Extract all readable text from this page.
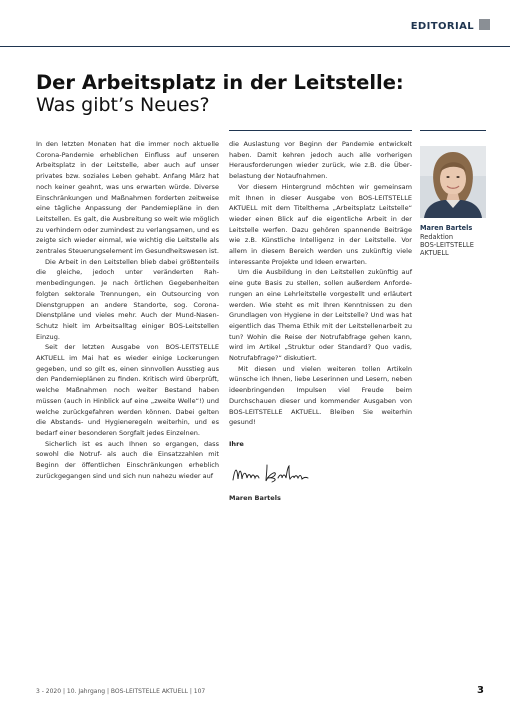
EDITORIAL
Der Arbeitsplatz in der Leitstelle:
Was gibt’s Neues?

In den letzten Monaten hat die immer noch aktuelle Corona-Pandemie erheblichen Einfluss auf unseren Arbeitsplatz in der Leitstelle, aber auch auf unser privates bzw. soziales Leben gehabt. Anfang März hat noch keiner geahnt, was uns erwarten würde. Diverse Einschränkungen und Maßnahmen forderten zeitweise eine tägliche Anpassung der Pandemiepläne in den Leitstellen. Es galt, die Ausbreitung so weit wie möglich zu verhindern oder zumindest zu verlangsamen, und es zeigte sich wieder einmal, wie wichtig die Leitstelle als zentrales Steuerungselement im Gesundheitswesen ist.

Die Arbeit in den Leitstellen blieb dabei größtenteils die gleiche, jedoch unter veränderten Rahmenbedingungen. Je nach örtlichen Gegebenheiten folgten sektorale Trennungen, ein Outsourcing von Dienstgruppen an andere Standorte, sog. Corona-Dienstpläne und vieles mehr. Auch der Mund-Nasen-Schutz hielt im Arbeitsalltag einiger BOS-Leitstellen Einzug.

Seit der letzten Ausgabe von BOS-LEITSTELLE AKTUELL im Mai hat es wieder einige Lockerungen gegeben, und so gilt es, einen sinnvollen Ausstieg aus den Pandemieplänen zu finden. Kritisch wird überprüft, welche Maßnahmen noch weiter Bestand haben müssen (auch in Hinblick auf eine „zweite Welle“!) und welche zurückgefahren werden können. Dabei gelten die Abstands- und Hygieneregeln weiterhin, und es bedarf einer besonderen Sorgfalt jedes Einzelnen.

Sicherlich ist es auch Ihnen so ergangen, dass sowohl die Notruf- als auch die Einsatzzahlen mit Beginn der öffentlichen Einschränkungen erheblich zurückgegangen sind und sich nun nahezu wieder auf

die Auslastung vor Beginn der Pandemie entwickelt haben. Damit kehren jedoch auch alle vorherigen Herausforderungen wieder zurück, wie z.B. die Überbelastung der Notaufnahmen.

Vor diesem Hintergrund möchten wir gemeinsam mit Ihnen in dieser Ausgabe von BOS-LEITSTELLE AKTUELL mit dem Titelthema „Arbeitsplatz Leitstelle“ wieder einen Blick auf die eigentliche Arbeit in der Leitstelle werfen. Dazu gehören spannende Beiträge wie z.B. Künstliche Intelligenz in der Leitstelle. Vor allem in diesem Bereich werden uns zukünftig viele interessante Projekte und Ideen erwarten.

Um die Ausbildung in den Leitstellen zukünftig auf eine gute Basis zu stellen, sollen außerdem Anforderungen an eine Lehrleitstelle vorgestellt und erläutert werden. Wie steht es mit Ihren Kenntnissen zu den Grundlagen von Hygiene in der Leitstelle? Und was hat eigentlich das Thema Ethik mit der Leitstellenarbeit zu tun? Wohin die Reise der Notrufabfrage gehen kann, wird im Artikel „Struktur oder Standard? Quo vadis, Notrufabfrage?“ diskutiert.

Mit diesen und vielen weiteren tollen Artikeln wünsche ich Ihnen, liebe Leserinnen und Lesern, neben ideenbringenden Impulsen viel Freude beim Durchschauen dieser und kommender Ausgaben von BOS-LEITSTELLE AKTUELL. Bleiben Sie weiterhin gesund!

Ihre
Maren Bartels
Maren Bartels
Redaktion
BOS-LEITSTELLE
AKTUELL
3 - 2020 | 10. Jahrgang | BOS-LEITSTELLE AKTUELL | 107	3
